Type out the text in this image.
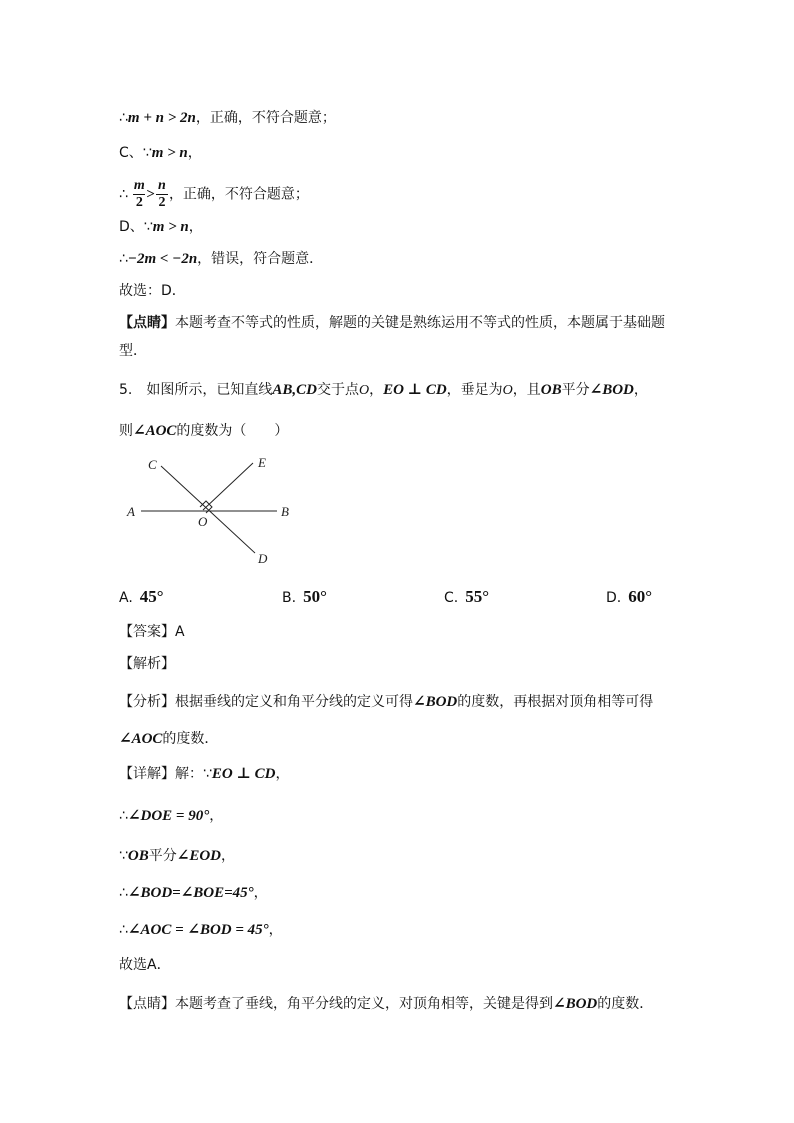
∴m + n > 2n，正确，不符合题意；
C、∵m > n，
∴ $\frac{m}{2} > \frac{n}{2}$ ，正确，不符合题意；
D、∵m > n，
∴−2m < −2n，错误，符合题意．
故选：D．
【点睛】本题考查不等式的性质，解题的关键是熟练运用不等式的性质，本题属于基础题
型．
5.　如图所示，已知直线AB,CD交于点O，EO ⊥ CD，垂足为O，且OB平分∠BOD，
则∠AOC的度数为（　　）
C	E
A	B
O
D
A.  45°	B.  50°	C.  55°	D.  60°
【答案】A
【解析】
【分析】根据垂线的定义和角平分线的定义可得∠BOD的度数，再根据对顶角相等可得
∠AOC的度数．
【详解】解：∵EO ⊥ CD，
∴∠DOE = 90°，
∵OB平分∠EOD，
∴∠BOD=∠BOE=45°，
∴∠AOC = ∠BOD = 45°，
故选A．
【点睛】本题考查了垂线，角平分线的定义，对顶角相等，关键是得到∠BOD的度数．
